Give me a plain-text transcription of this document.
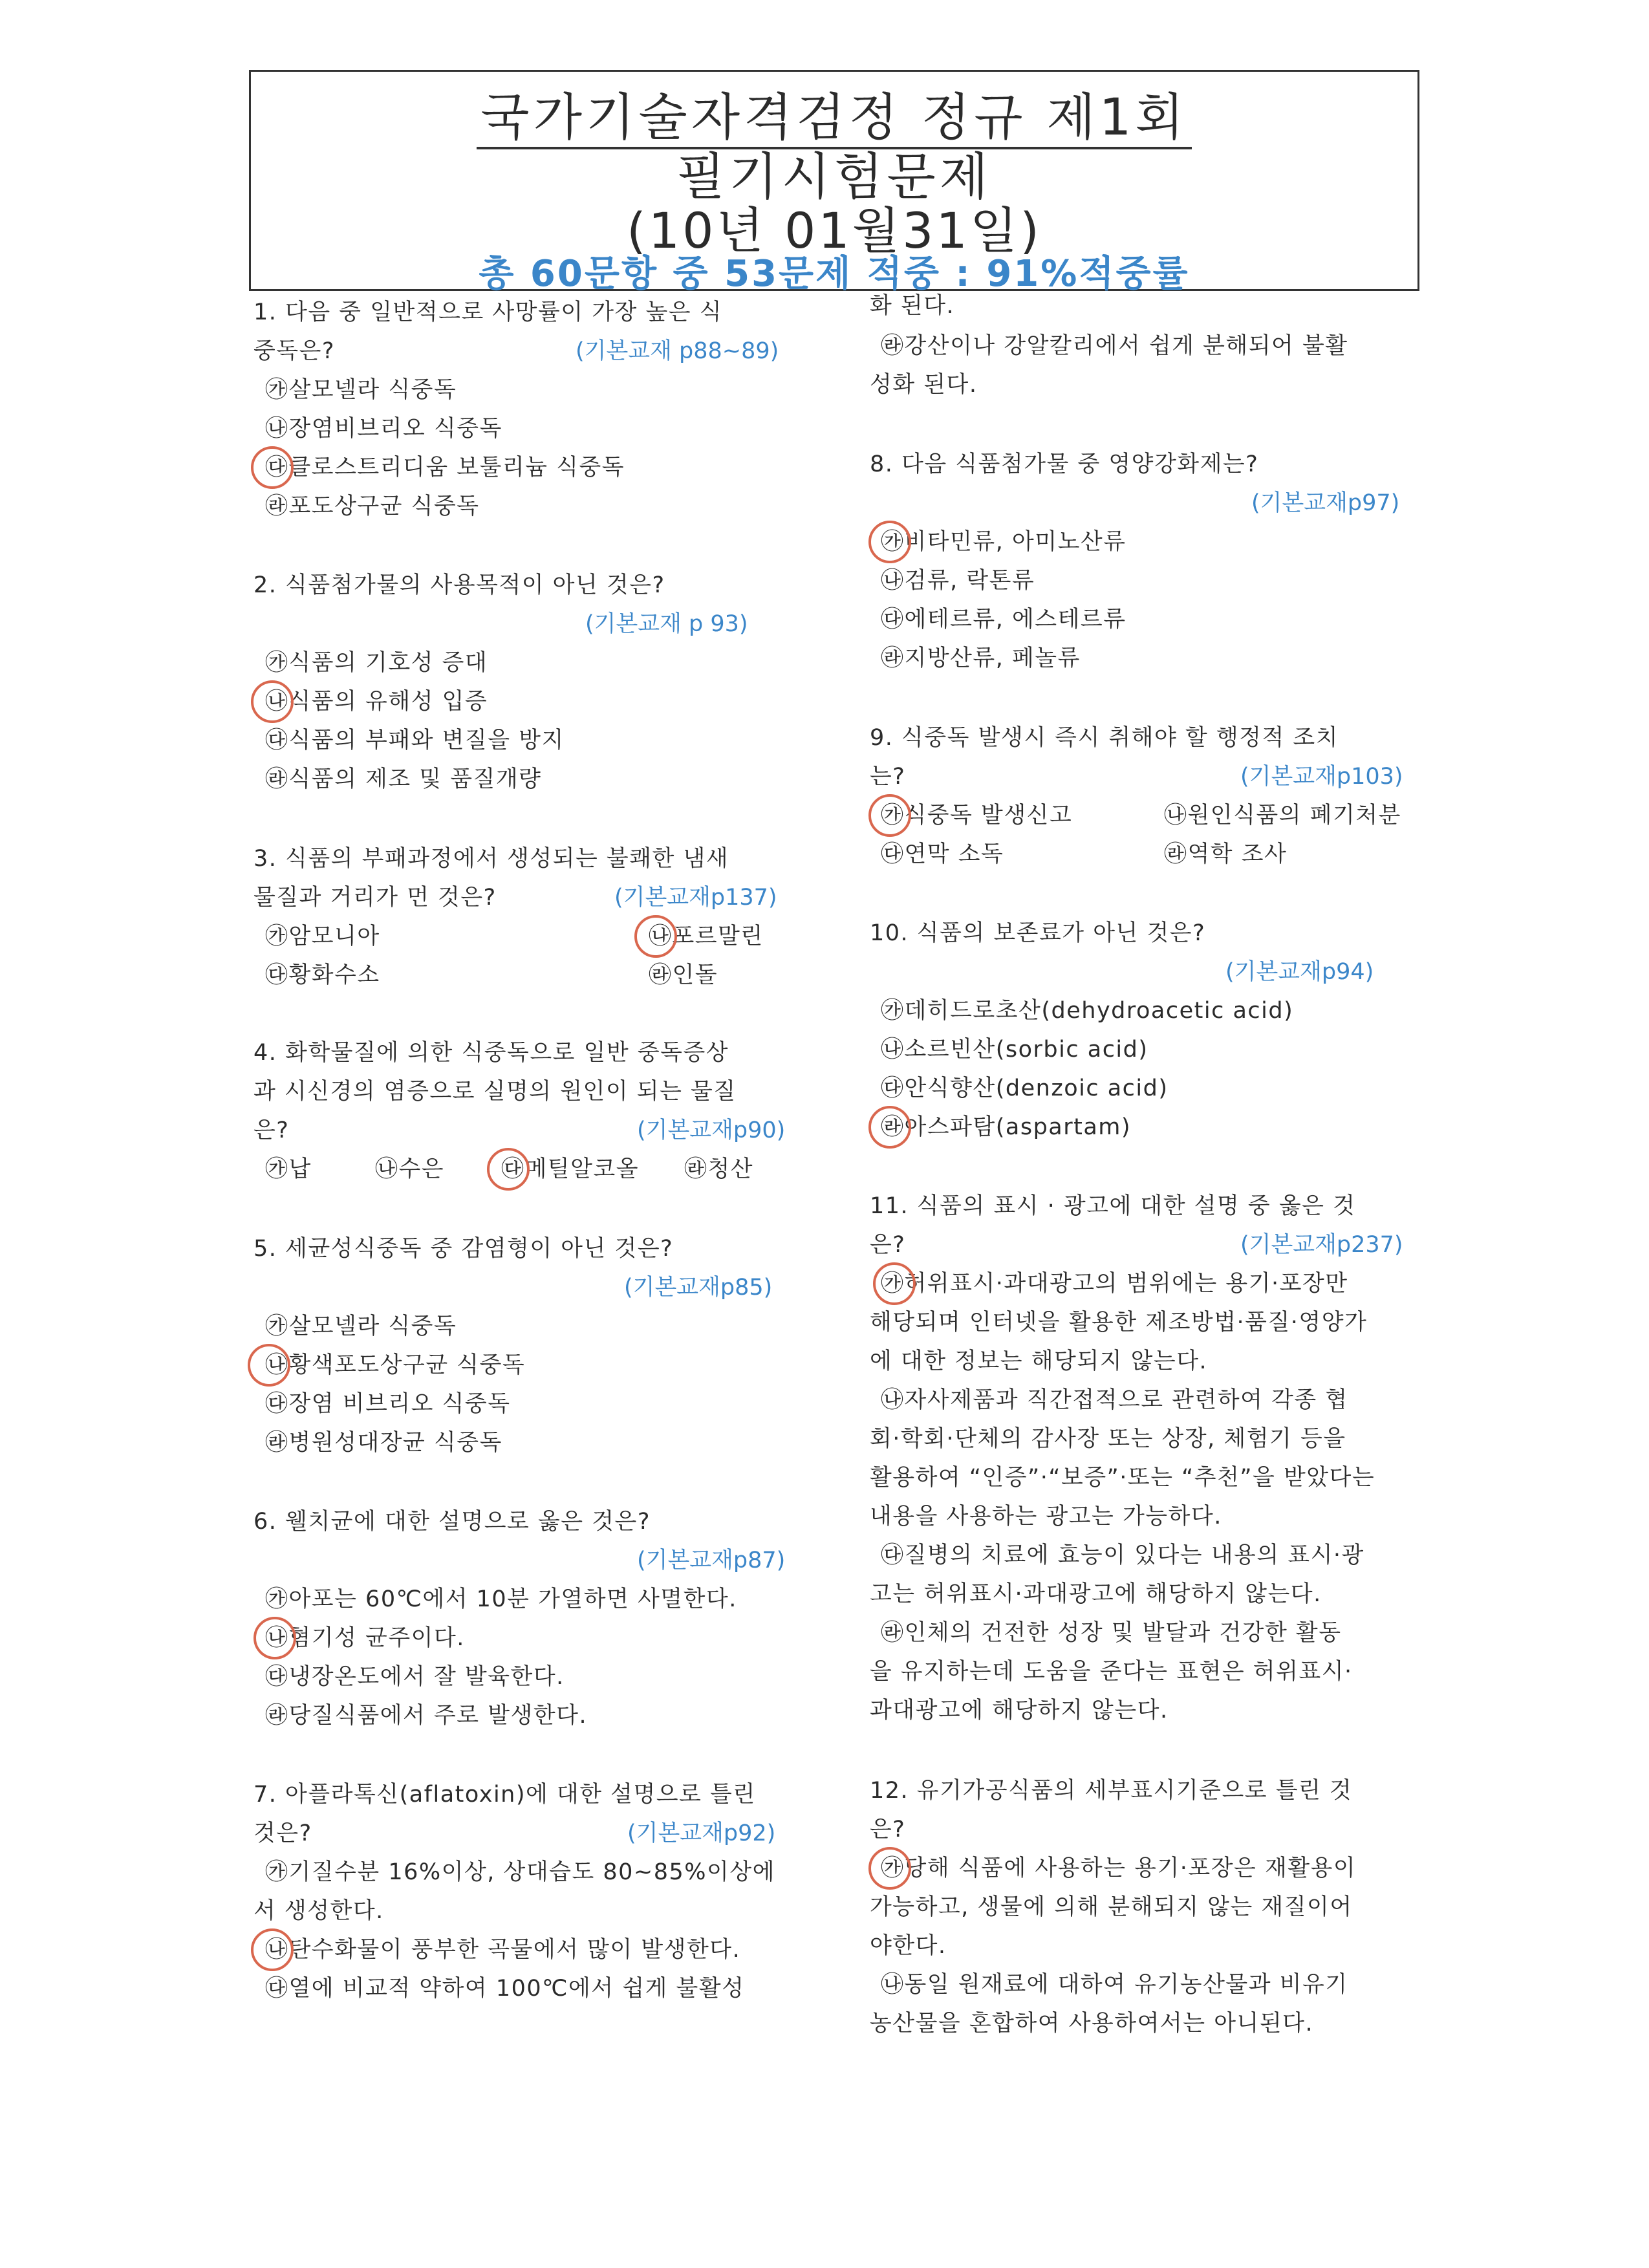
국가기술자격검정 정규 제1회
필기시험문제
(10년 01월31일)
총 60문항 중 53문제 적중 : 91%적중률
1. 다음 중 일반적으로 사망률이 가장 높은 식
중독은?	(기본교재 p88~89)
㉮살모넬라 식중독
㉯장염비브리오 식중독
㉰클로스트리디움 보툴리늄 식중독
㉱포도상구균 식중독
2. 식품첨가물의 사용목적이 아닌 것은?
(기본교재 p 93)
㉮식품의 기호성 증대
㉯식품의 유해성 입증
㉰식품의 부패와 변질을 방지
㉱식품의 제조 및 품질개량
3. 식품의 부패과정에서 생성되는 불쾌한 냄새
물질과 거리가 먼 것은?	(기본교재p137)
㉮암모니아	㉯포르말린
㉰황화수소	㉱인돌
4. 화학물질에 의한 식중독으로 일반 중독증상
과 시신경의 염증으로 실명의 원인이 되는 물질
은?	(기본교재p90)
㉮납	㉯수은	㉰메틸알코올 ㉱청산
5. 세균성식중독 중 감염형이 아닌 것은?
(기본교재p85)
㉮살모넬라 식중독
㉯황색포도상구균 식중독
㉰장염 비브리오 식중독
㉱병원성대장균 식중독
6. 웰치균에 대한 설명으로 옳은 것은?
(기본교재p87)
㉮아포는 60℃에서 10분 가열하면 사멸한다.
㉯혐기성 균주이다.
㉰냉장온도에서 잘 발육한다.
㉱당질식품에서 주로 발생한다.
7. 아플라톡신(aflatoxin)에 대한 설명으로 틀린
것은?	(기본교재p92)
㉮기질수분 16%이상, 상대습도 80~85%이상에
서 생성한다.
㉯탄수화물이 풍부한 곡물에서 많이 발생한다.
㉰열에 비교적 약하여 100℃에서 쉽게 불활성
화 된다.
㉱강산이나 강알칼리에서 쉽게 분해되어 불활
성화 된다.
8. 다음 식품첨가물 중 영양강화제는?
(기본교재p97)
㉮비타민류, 아미노산류
㉯검류, 락톤류
㉰에테르류, 에스테르류
㉱지방산류, 페놀류
9. 식중독 발생시 즉시 취해야 할 행정적 조치
는?	(기본교재p103)
㉮식중독 발생신고	㉯원인식품의 폐기처분
㉰연막 소독	㉱역학 조사
10. 식품의 보존료가 아닌 것은?
(기본교재p94)
㉮데히드로초산(dehydroacetic acid)
㉯소르빈산(sorbic acid)
㉰안식향산(denzoic acid)
㉱아스파탐(aspartam)
11. 식품의 표시 · 광고에 대한 설명 중 옳은 것
은?	(기본교재p237)
㉮허위표시·과대광고의 범위에는 용기·포장만
해당되며 인터넷을 활용한 제조방법·품질·영양가
에 대한 정보는 해당되지 않는다.
㉯자사제품과 직간접적으로 관련하여 각종 협
회·학회·단체의 감사장 또는 상장, 체험기 등을
활용하여 “인증”·“보증”·또는 “추천”을 받았다는
내용을 사용하는 광고는 가능하다.
㉰질병의 치료에 효능이 있다는 내용의 표시·광
고는 허위표시·과대광고에 해당하지 않는다.
㉱인체의 건전한 성장 및 발달과 건강한 활동
을 유지하는데 도움을 준다는 표현은 허위표시·
과대광고에 해당하지 않는다.
12. 유기가공식품의 세부표시기준으로 틀린 것
은?
㉮당해 식품에 사용하는 용기·포장은 재활용이
가능하고, 생물에 의해 분해되지 않는 재질이어
야한다.
㉯동일 원재료에 대하여 유기농산물과 비유기
농산물을 혼합하여 사용하여서는 아니된다.
